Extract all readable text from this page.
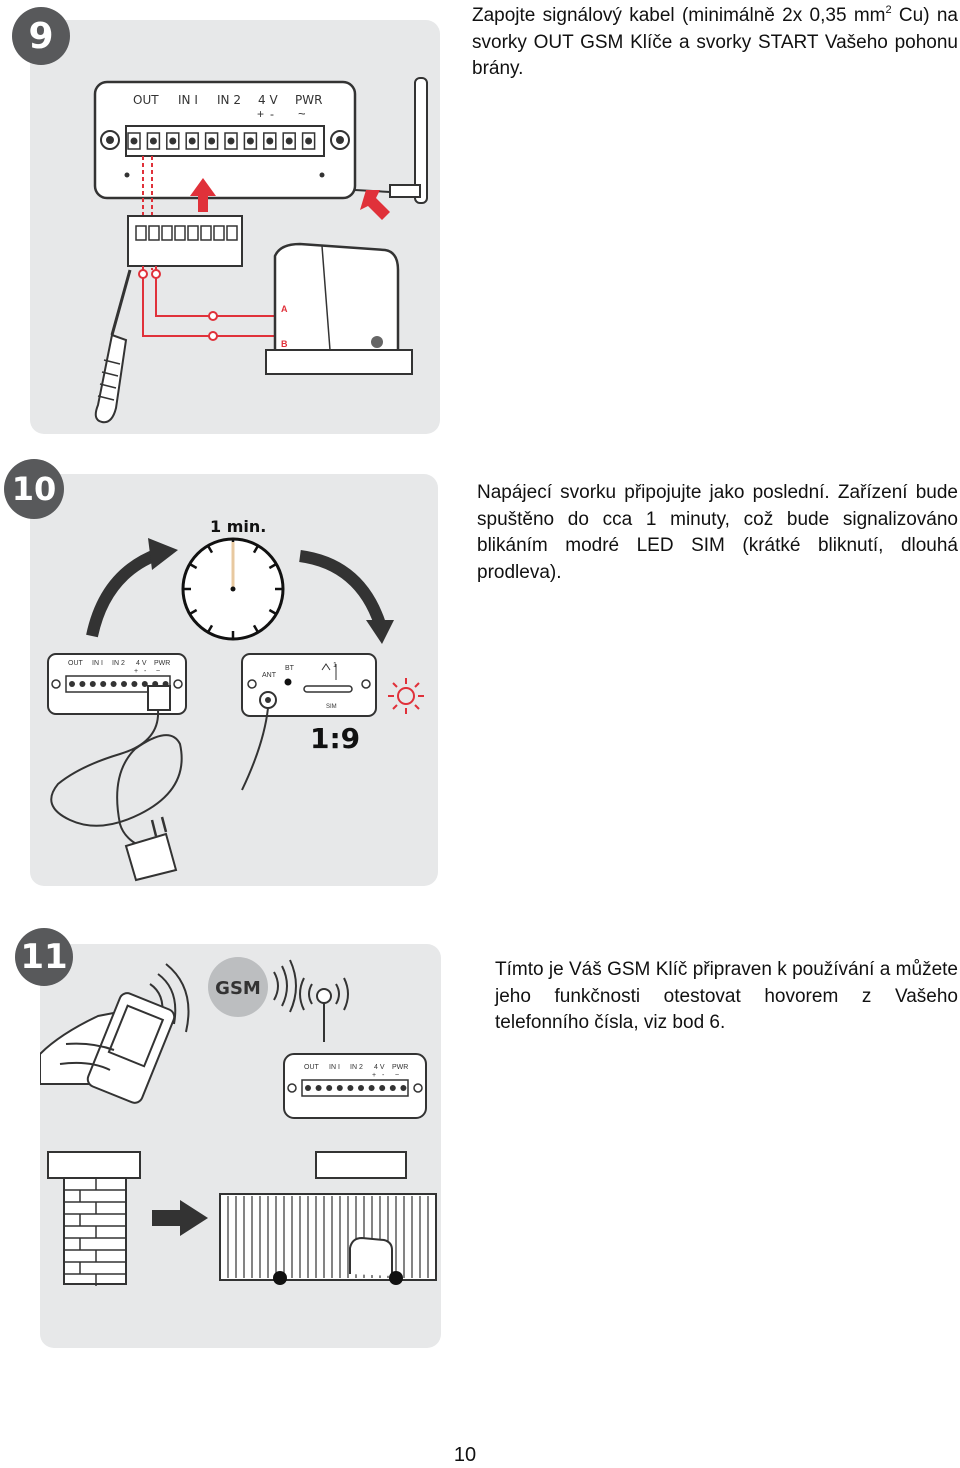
9
OUT IN I IN 2 4 V PWR
+ - ~
A
B
Zapojte signálový kabel (minimálně 2x 0,35 $mm^2$ Cu) na svorky OUT GSM Klíče a svorky START Vašeho pohonu brány.
10
1 min.
OUT IN I IN 2 4 V PWR
+ - ~
ANT
BT
SIM
1
1:9
Napájecí svorku připojujte jako poslední. Zařízení bude spuštěno do cca 1 minuty, což bude signalizováno blikáním modré LED SIM (krátké bliknutí, dlouhá prodleva).
11
GSM
OUT IN I IN 2 4 V PWR
+ - ~
Tímto je Váš GSM Klíč připraven k používání a můžete jeho funkčnosti otestovat hovorem z Vašeho telefonního čísla, viz bod 6.
10
